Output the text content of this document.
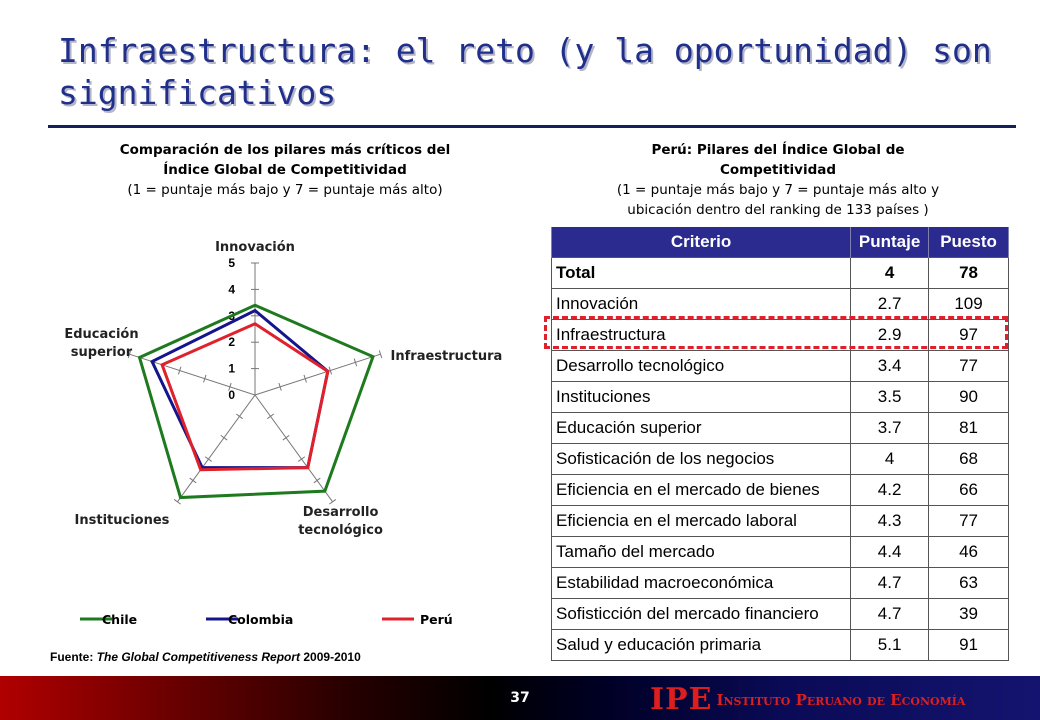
Infraestructura: el reto (y la oportunidad) son significativos
Comparación de los pilares más críticos del
Índice Global de Competitividad
(1 = puntaje más bajo y 7 = puntaje más alto)
Perú: Pilares del Índice Global de
Competitividad
(1 = puntaje más bajo y 7 = puntaje más alto y
ubicación dentro del ranking de 133 países )
0
1
2
3
4
5
Innovación
Infraestructura
Desarrollo tecnológico
Instituciones
Educación superior
Chile	Colombia	Perú
Fuente: The Global Competitiveness Report 2009-2010
Criterio	Puntaje	Puesto
Total	4	78
Innovación	2.7	109
Infraestructura	2.9	97
Desarrollo tecnológico	3.4	77
Instituciones	3.5	90
Educación superior	3.7	81
Sofisticación de los negocios	4	68
Eficiencia en el mercado de bienes	4.2	66
Eficiencia en el mercado laboral	4.3	77
Tamaño del mercado	4.4	46
Estabilidad macroeconómica	4.7	63
Sofisticción del mercado financiero	4.7	39
Salud y educación primaria	5.1	91
37	IPE Instituto Peruano de Economía
